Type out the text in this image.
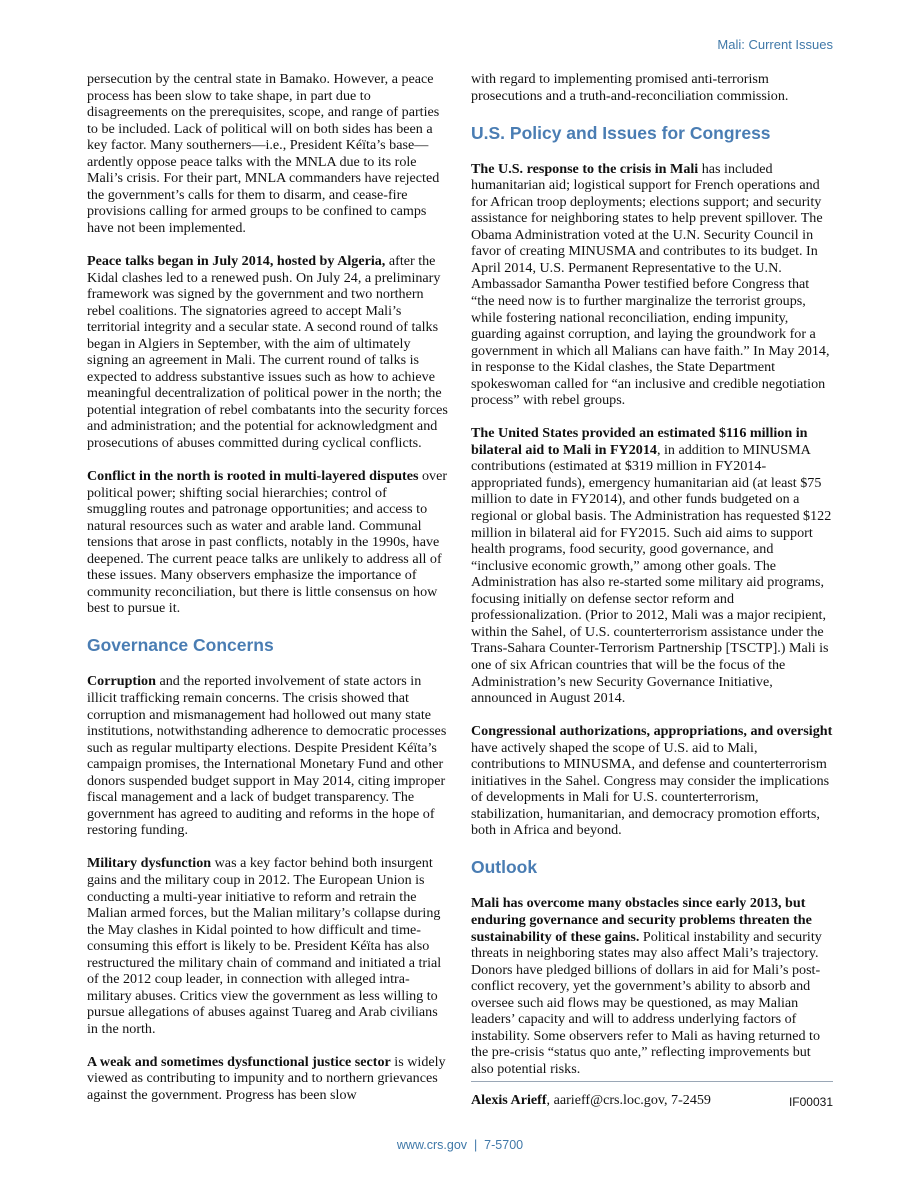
Mali: Current Issues

persecution by the central state in Bamako. However, a peace process has been slow to take shape, in part due to disagreements on the prerequisites, scope, and range of parties to be included. Lack of political will on both sides has been a key factor. Many southerners—i.e., President Kéïta’s base—ardently oppose peace talks with the MNLA due to its role Mali’s crisis. For their part, MNLA commanders have rejected the government’s calls for them to disarm, and cease-fire provisions calling for armed groups to be confined to camps have not been implemented.

Peace talks began in July 2014, hosted by Algeria, after the Kidal clashes led to a renewed push. On July 24, a preliminary framework was signed by the government and two northern rebel coalitions. The signatories agreed to accept Mali’s territorial integrity and a secular state. A second round of talks began in Algiers in September, with the aim of ultimately signing an agreement in Mali. The current round of talks is expected to address substantive issues such as how to achieve meaningful decentralization of political power in the north; the potential integration of rebel combatants into the security forces and administration; and the potential for acknowledgment and prosecutions of abuses committed during cyclical conflicts.

Conflict in the north is rooted in multi-layered disputes over political power; shifting social hierarchies; control of smuggling routes and patronage opportunities; and access to natural resources such as water and arable land. Communal tensions that arose in past conflicts, notably in the 1990s, have deepened. The current peace talks are unlikely to address all of these issues. Many observers emphasize the importance of community reconciliation, but there is little consensus on how best to pursue it.

Governance Concerns

Corruption and the reported involvement of state actors in illicit trafficking remain concerns. The crisis showed that corruption and mismanagement had hollowed out many state institutions, notwithstanding adherence to democratic processes such as regular multiparty elections. Despite President Kéïta’s campaign promises, the International Monetary Fund and other donors suspended budget support in May 2014, citing improper fiscal management and a lack of budget transparency. The government has agreed to auditing and reforms in the hope of restoring funding.

Military dysfunction was a key factor behind both insurgent gains and the military coup in 2012. The European Union is conducting a multi-year initiative to reform and retrain the Malian armed forces, but the Malian military’s collapse during the May clashes in Kidal pointed to how difficult and time-consuming this effort is likely to be. President Kéïta has also restructured the military chain of command and initiated a trial of the 2012 coup leader, in connection with alleged intra-military abuses. Critics view the government as less willing to pursue allegations of abuses against Tuareg and Arab civilians in the north.

A weak and sometimes dysfunctional justice sector is widely viewed as contributing to impunity and to northern grievances against the government. Progress has been slow

with regard to implementing promised anti-terrorism prosecutions and a truth-and-reconciliation commission.

U.S. Policy and Issues for Congress

The U.S. response to the crisis in Mali has included humanitarian aid; logistical support for French operations and for African troop deployments; elections support; and security assistance for neighboring states to help prevent spillover. The Obama Administration voted at the U.N. Security Council in favor of creating MINUSMA and contributes to its budget. In April 2014, U.S. Permanent Representative to the U.N. Ambassador Samantha Power testified before Congress that “the need now is to further marginalize the terrorist groups, while fostering national reconciliation, ending impunity, guarding against corruption, and laying the groundwork for a government in which all Malians can have faith.” In May 2014, in response to the Kidal clashes, the State Department spokeswoman called for “an inclusive and credible negotiation process” with rebel groups.

The United States provided an estimated $116 million in bilateral aid to Mali in FY2014, in addition to MINUSMA contributions (estimated at $319 million in FY2014-appropriated funds), emergency humanitarian aid (at least $75 million to date in FY2014), and other funds budgeted on a regional or global basis. The Administration has requested $122 million in bilateral aid for FY2015. Such aid aims to support health programs, food security, good governance, and “inclusive economic growth,” among other goals. The Administration has also re-started some military aid programs, focusing initially on defense sector reform and professionalization. (Prior to 2012, Mali was a major recipient, within the Sahel, of U.S. counterterrorism assistance under the Trans-Sahara Counter-Terrorism Partnership [TSCTP].) Mali is one of six African countries that will be the focus of the Administration’s new Security Governance Initiative, announced in August 2014.

Congressional authorizations, appropriations, and oversight have actively shaped the scope of U.S. aid to Mali, contributions to MINUSMA, and defense and counterterrorism initiatives in the Sahel. Congress may consider the implications of developments in Mali for U.S. counterterrorism, stabilization, humanitarian, and democracy promotion efforts, both in Africa and beyond.

Outlook

Mali has overcome many obstacles since early 2013, but enduring governance and security problems threaten the sustainability of these gains. Political instability and security threats in neighboring states may also affect Mali’s trajectory. Donors have pledged billions of dollars in aid for Mali’s post-conflict recovery, yet the government’s ability to absorb and oversee such aid flows may be questioned, as may Malian leaders’ capacity and will to address underlying factors of instability. Some observers refer to Mali as having returned to the pre-crisis “status quo ante,” reflecting improvements but also potential risks.

Alexis Arieff, aarieff@crs.loc.gov, 7-2459	IF00031
www.crs.gov  |  7-5700
